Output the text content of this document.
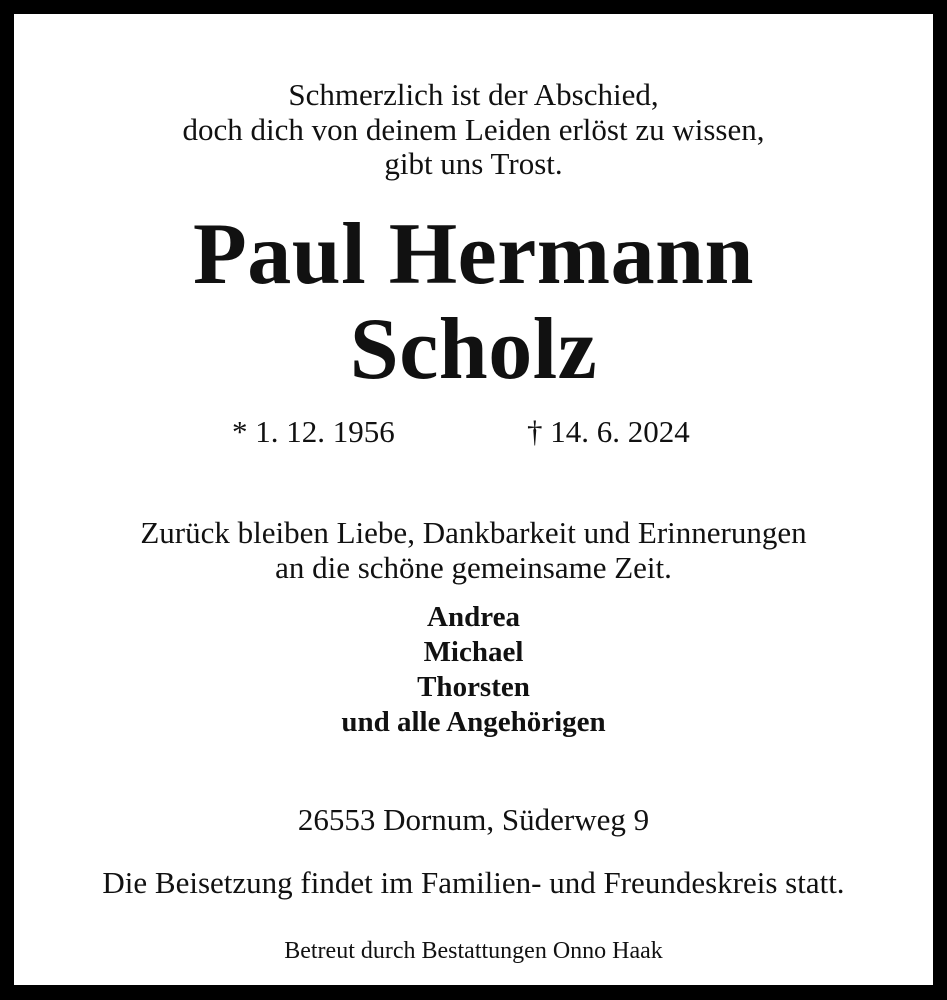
Schmerzlich ist der Abschied,
doch dich von deinem Leiden erlöst zu wissen,
gibt uns Trost.
Paul Hermann
Scholz
* 1. 12. 1956	† 14. 6. 2024
Zurück bleiben Liebe, Dankbarkeit und Erinnerungen
an die schöne gemeinsame Zeit.
Andrea
Michael
Thorsten
und alle Angehörigen
26553 Dornum, Süderweg 9
Die Beisetzung findet im Familien- und Freundeskreis statt.
Betreut durch Bestattungen Onno Haak
